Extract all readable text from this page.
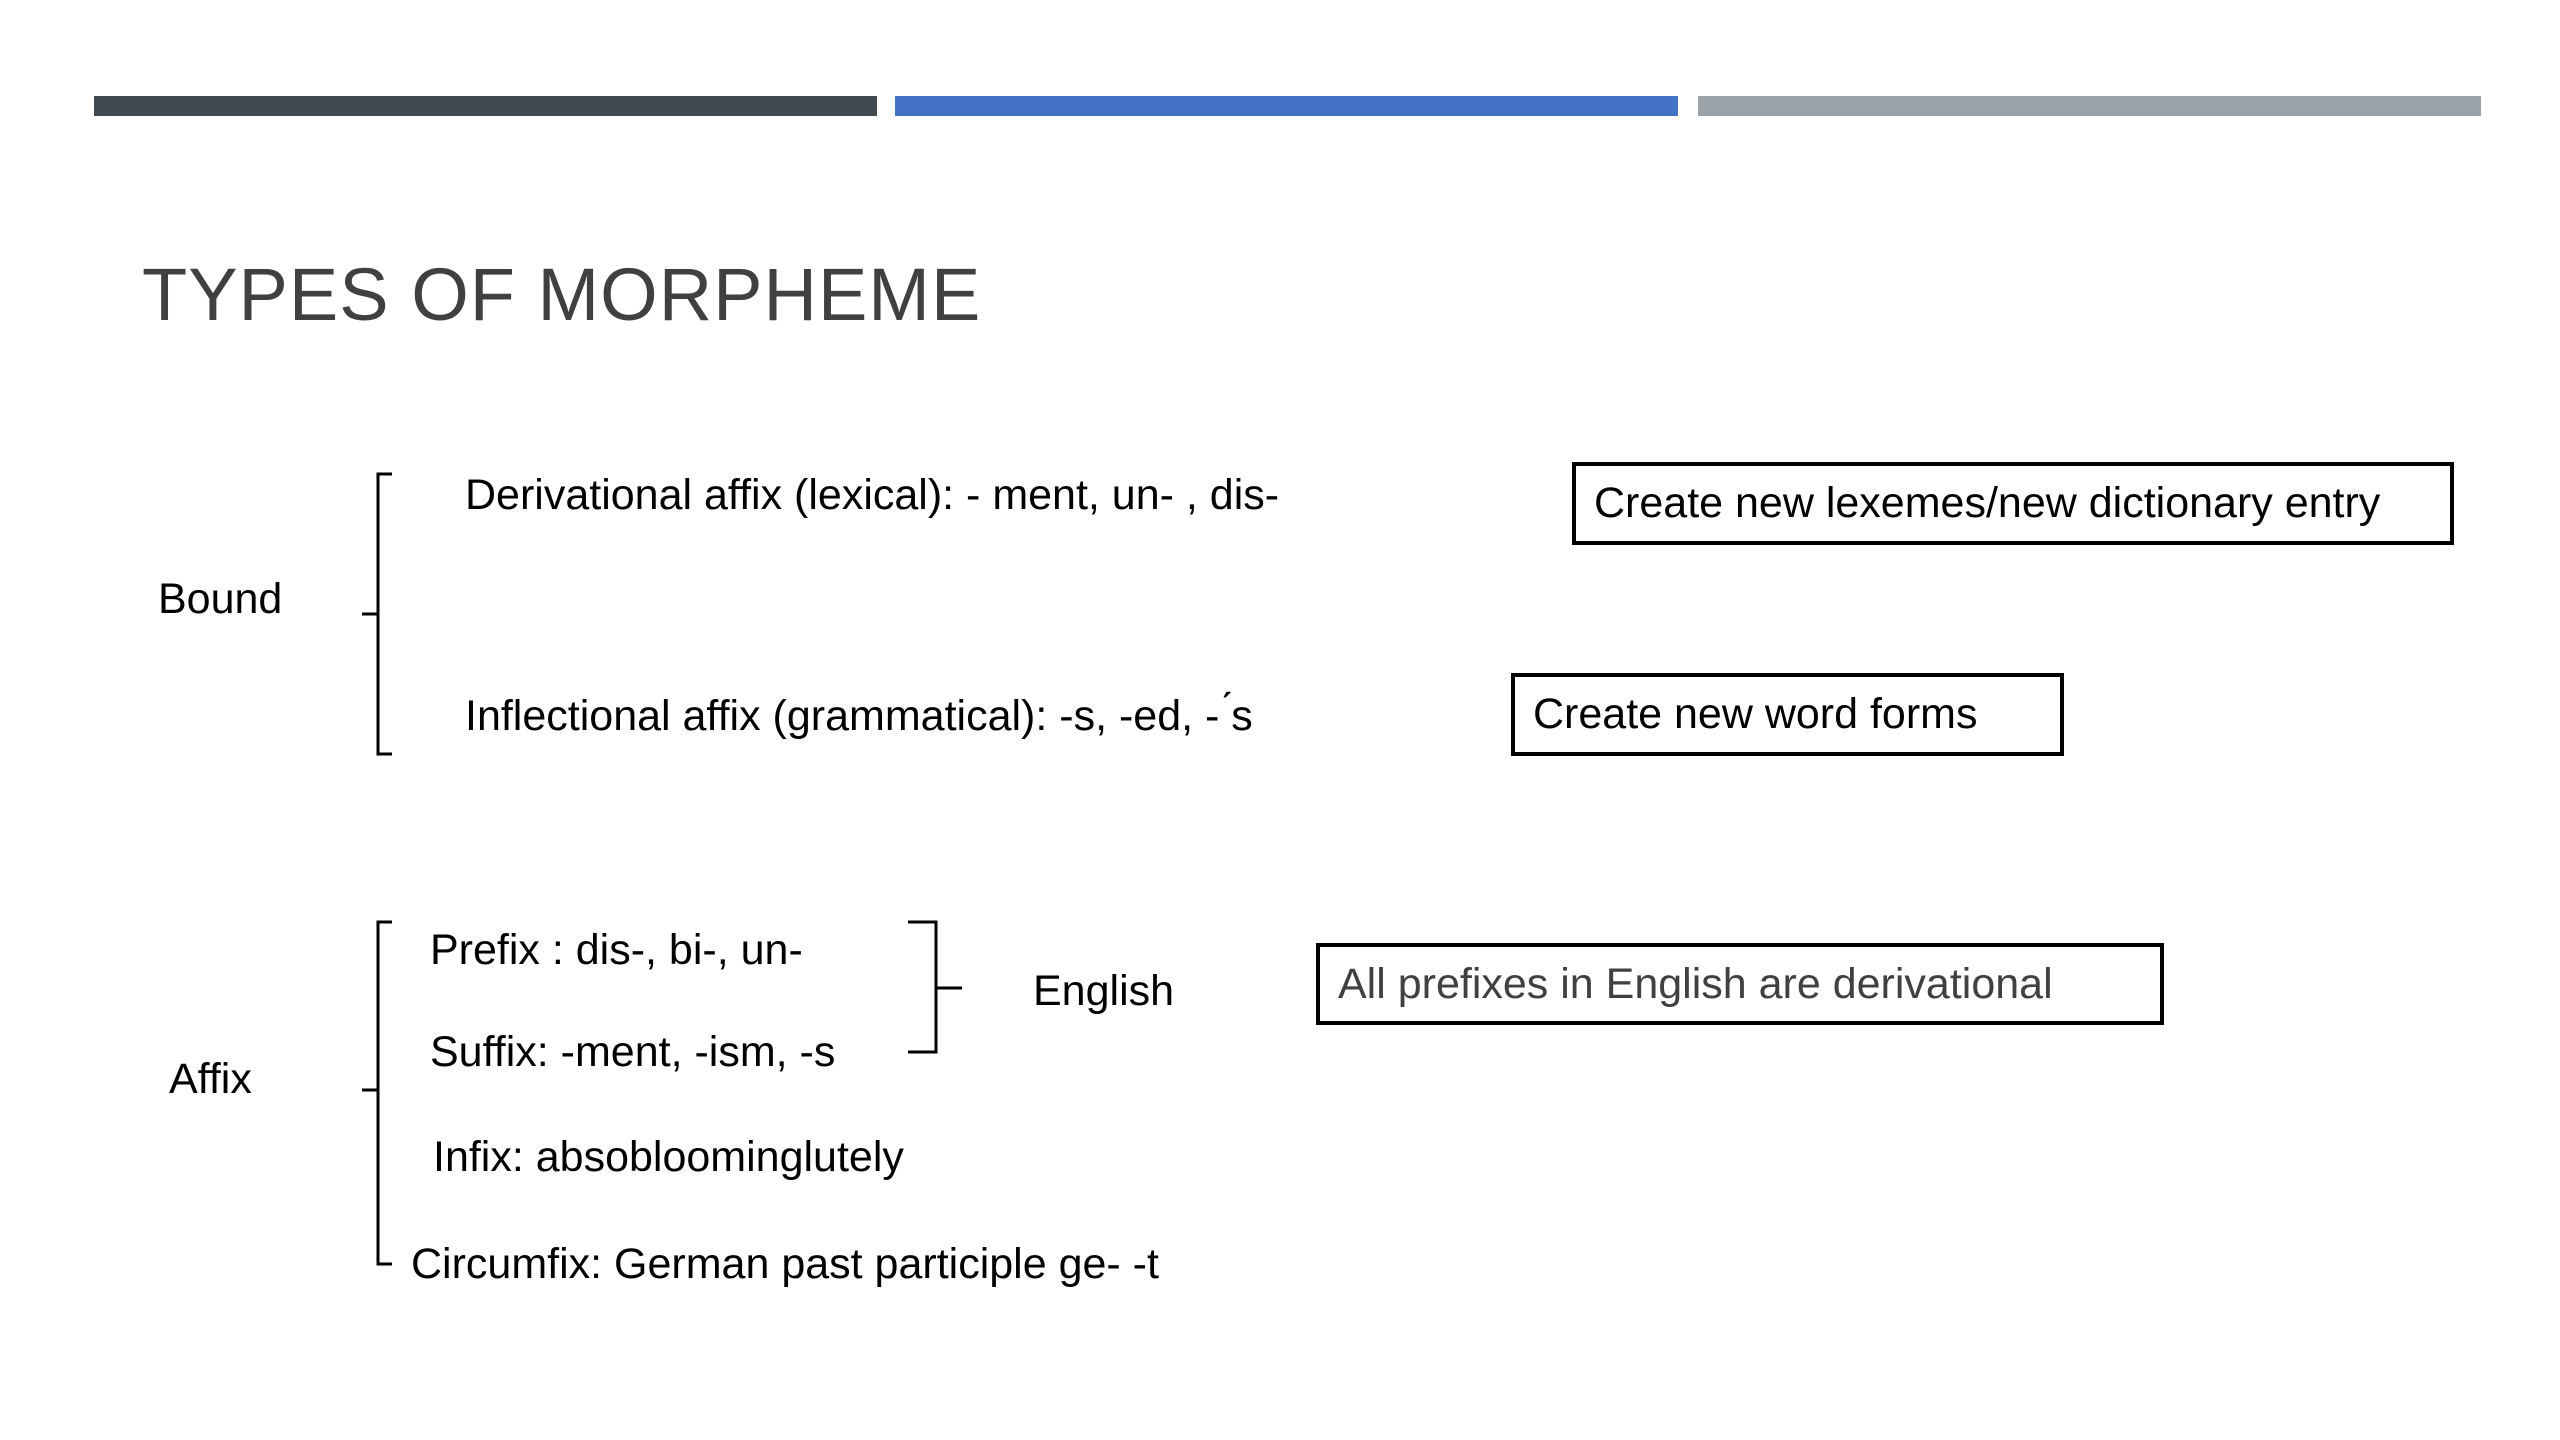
TYPES OF MORPHEME
Bound
Derivational affix (lexical): - ment, un- , dis-
Inflectional affix (grammatical): -s, -ed, - ́s
Create new lexemes/new dictionary entry
Create new word forms
Affix
Prefix : dis-, bi-, un-
Suffix: -ment, -ism, -s
Infix: absobloominglutely
Circumfix: German past participle ge- -t
English	All prefixes in English are derivational
